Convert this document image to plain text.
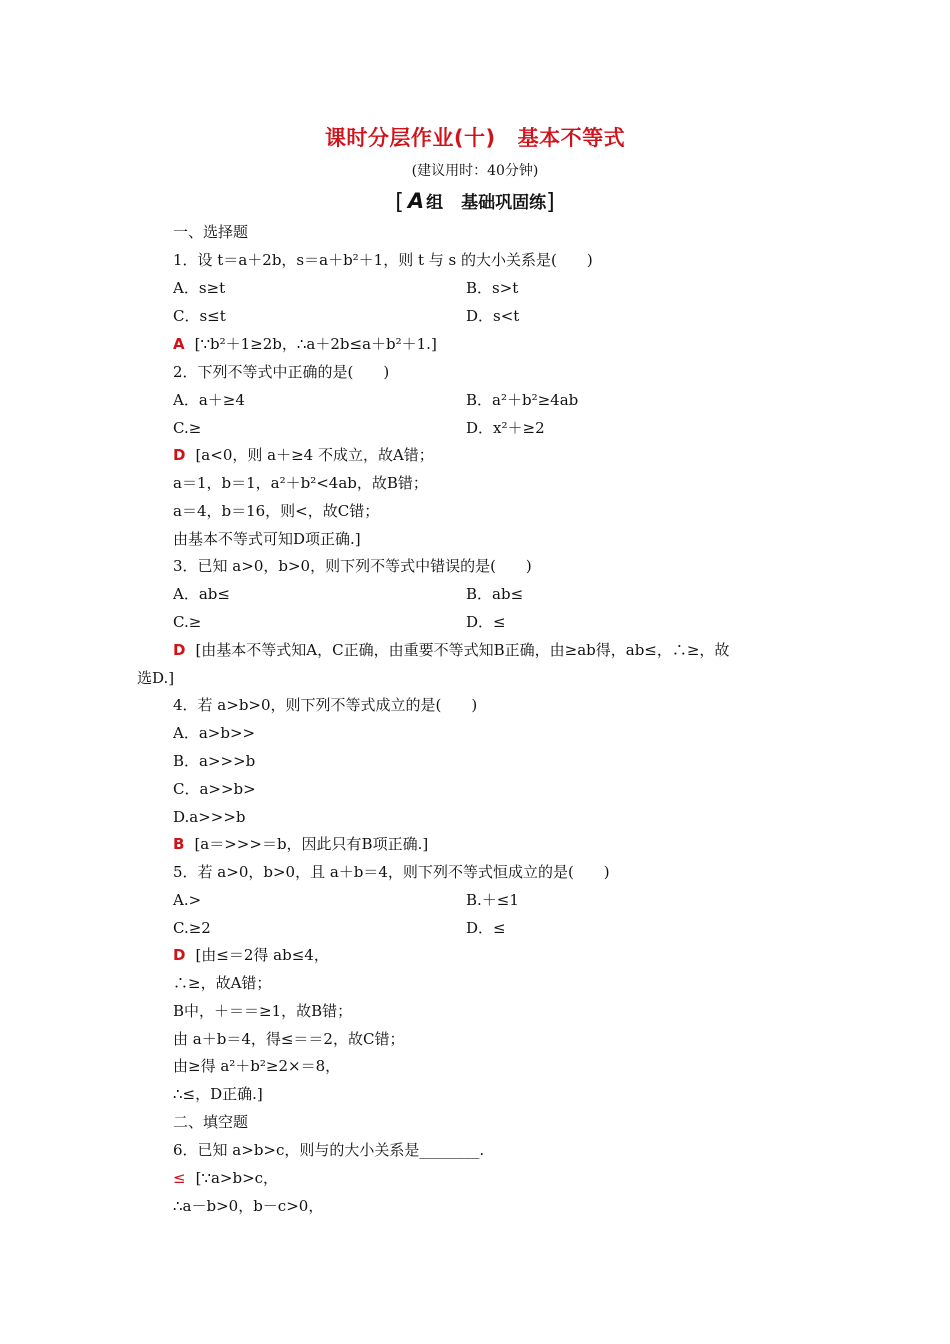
课时分层作业(十) 基本不等式
(建议用时：40分钟)
[ A 组 基础巩固练]
一、选择题
1．设 t＝a＋2b，s＝a＋b²＋1，则 t 与 s 的大小关系是(　　)
A．s≥t	B．s>t
C．s≤t	D．s<t
A [∵b²＋1≥2b，∴a＋2b≤a＋b²＋1.]
2．下列不等式中正确的是(　　)
A．a＋≥4	B．a²＋b²≥4ab
C.≥	D．x²＋≥2
D [a<0，则 a＋≥4 不成立，故A错；
a＝1，b＝1，a²＋b²<4ab，故B错；
a＝4，b＝16，则<，故C错；
由基本不等式可知D项正确.]
3．已知 a>0，b>0，则下列不等式中错误的是(　　)
A．ab≤	B．ab≤
C.≥	D．≤
D [由基本不等式知A，C正确，由重要不等式知B正确，由≥ab得，ab≤，∴≥，故
选D.]
4．若 a>b>0，则下列不等式成立的是(　　)
A．a>b>>
B．a>>>b
C．a>>b>
D.a>>>b
B [a＝>>>＝b，因此只有B项正确.]
5．若 a>0，b>0，且 a＋b＝4，则下列不等式恒成立的是(　　)
A.>	B.＋≤1
C.≥2	D．≤
D [由≤＝2得 ab≤4，
∴≥，故A错；
B中，＋＝＝≥1，故B错；
由 a＋b＝4，得≤＝＝2，故C错；
由≥得 a²＋b²≥2×＝8，
∴≤，D正确.]
二、填空题
6．已知 a>b>c，则与的大小关系是________.
≤ [∵a>b>c，
∴a－b>0，b－c>0，
